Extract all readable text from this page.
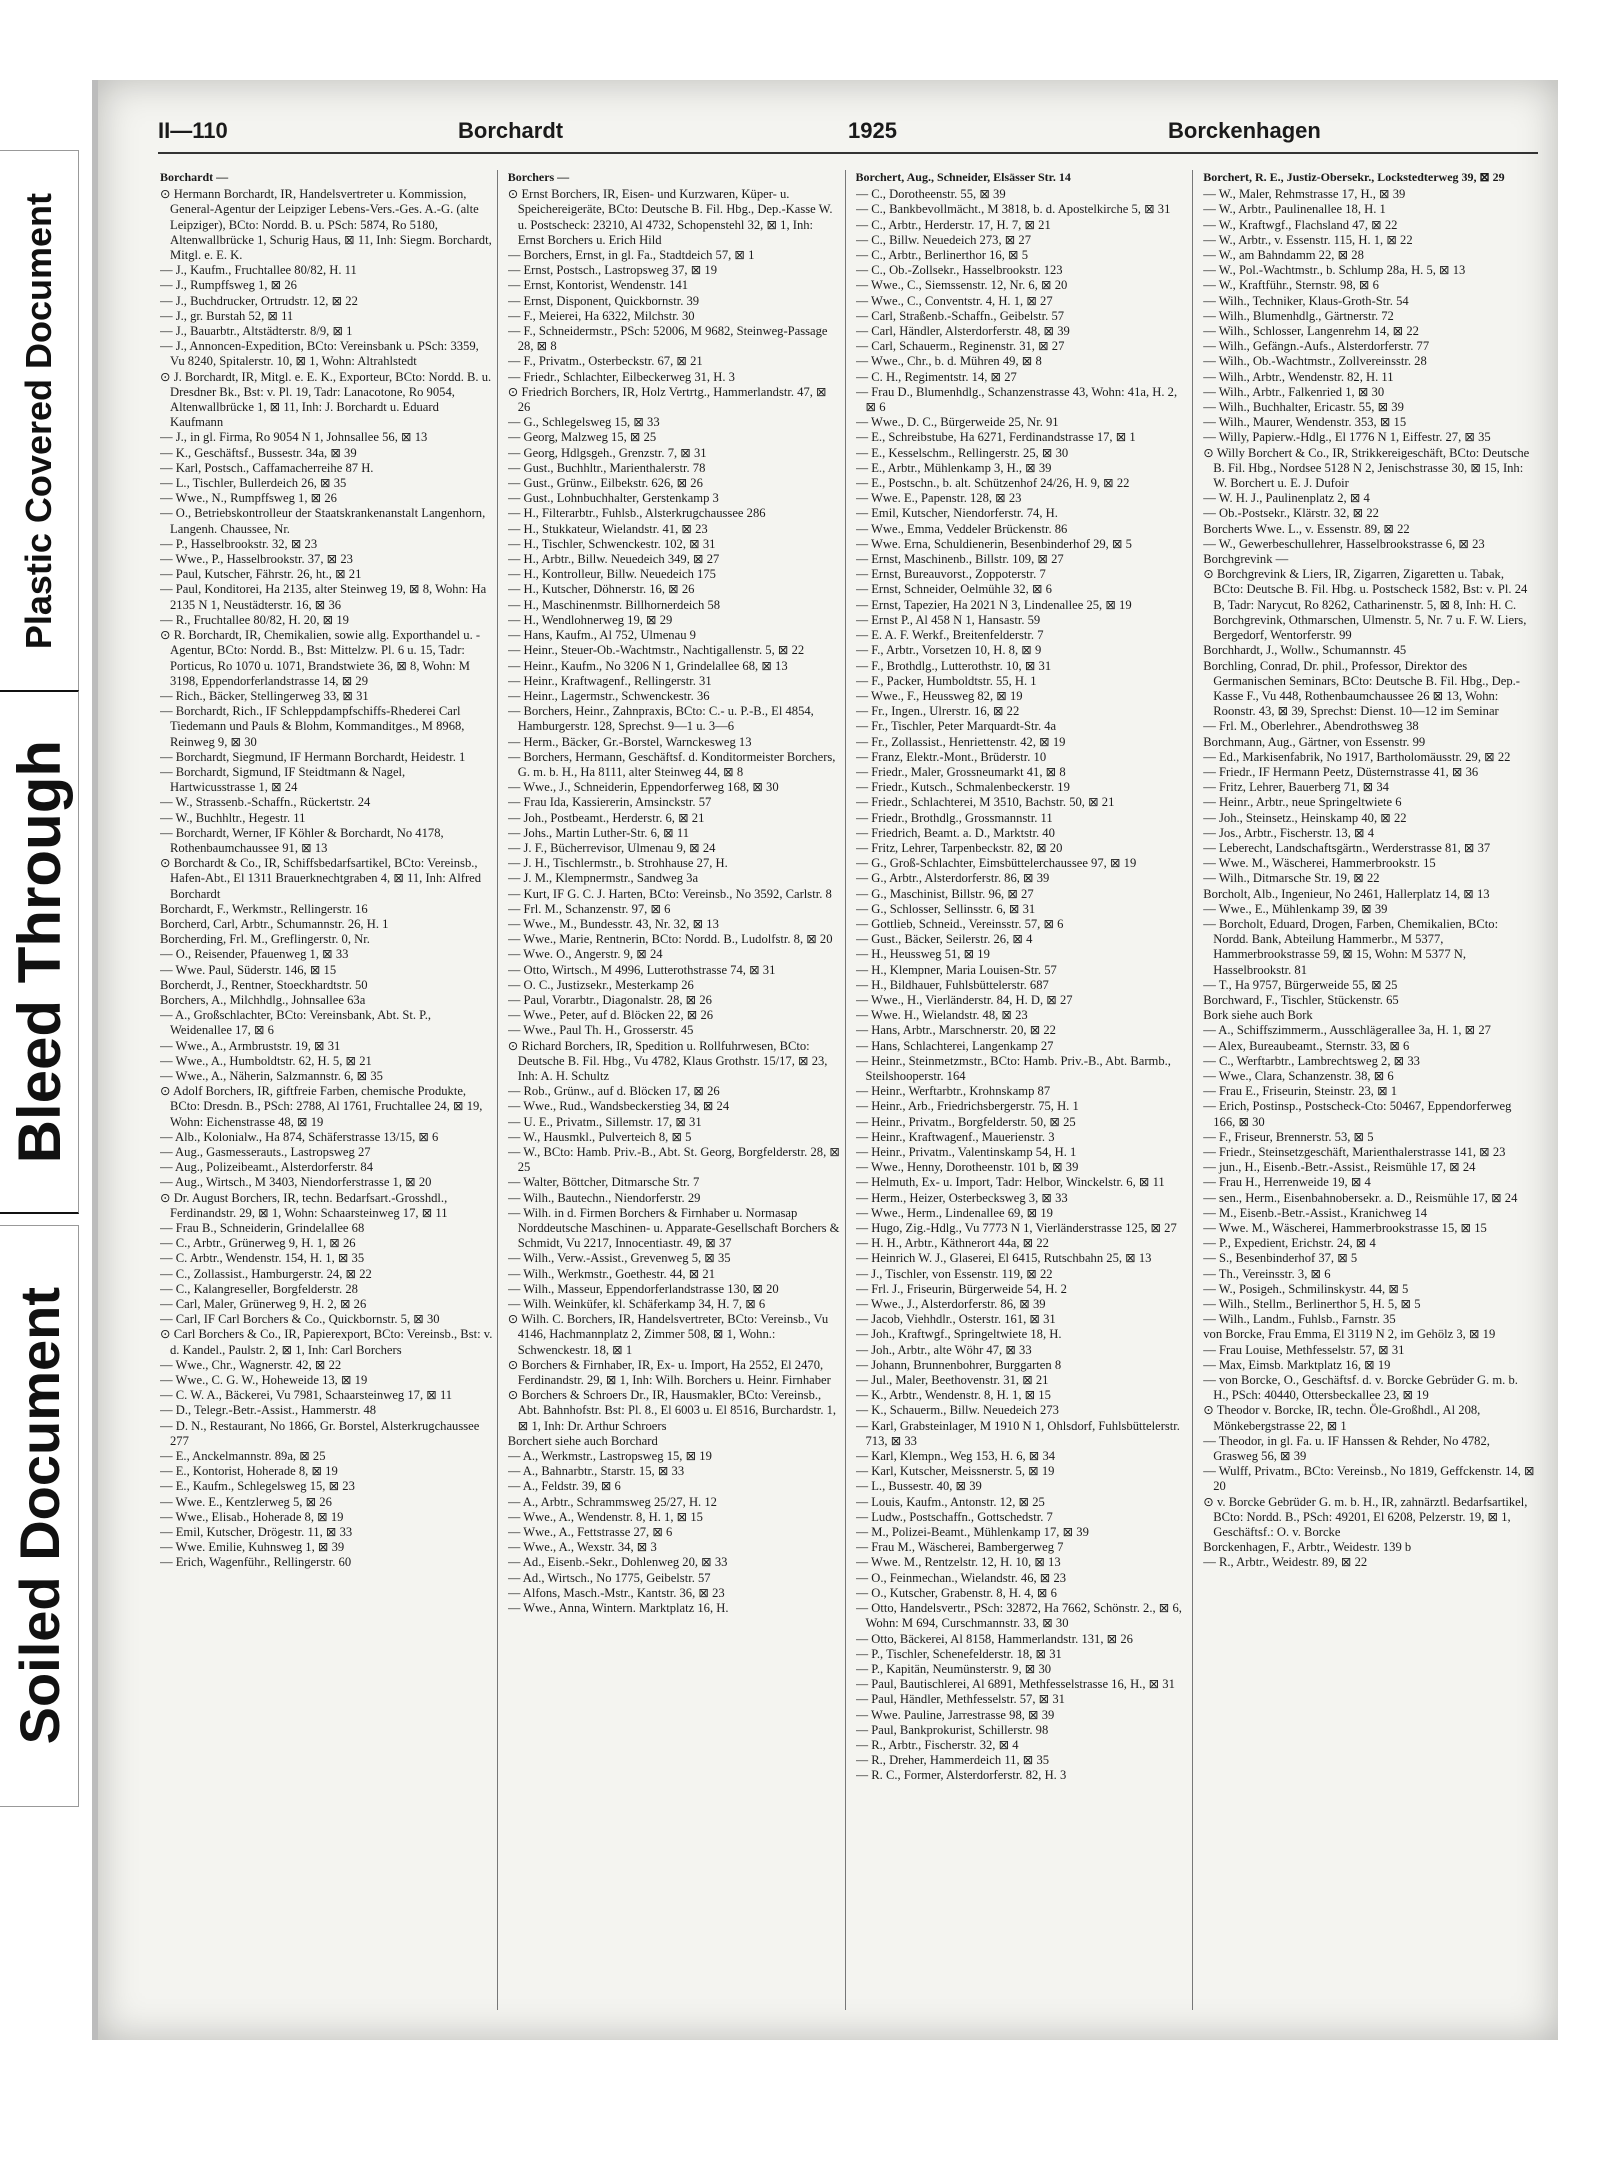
Plastic Covered Document
Bleed Through
Soiled Document
II—110	Borchardt	1925	Borckenhagen
Borchardt —
⊙ Hermann Borchardt, IR, Handelsvertreter u. Kommission, General-Agentur der Leipziger Lebens-Vers.-Ges. A.-G. (alte Leipziger), BCto: Nordd. B. u. PSch: 5874, Ro 5180, Altenwallbrücke 1, Schurig Haus, ⊠ 11, Inh: Siegm. Borchardt, Mitgl. e. E. K.
— J., Kaufm., Fruchtallee 80/82, H. 11
— J., Rumpffsweg 1, ⊠ 26
— J., Buchdrucker, Ortrudstr. 12, ⊠ 22
— J., gr. Burstah 52, ⊠ 11
— J., Bauarbtr., Altstädterstr. 8/9, ⊠ 1
— J., Annoncen-Expedition, BCto: Vereinsbank u. PSch: 3359, Vu 8240, Spitalerstr. 10, ⊠ 1, Wohn: Altrahlstedt
⊙ J. Borchardt, IR, Mitgl. e. E. K., Exporteur, BCto: Nordd. B. u. Dresdner Bk., Bst: v. Pl. 19, Tadr: Lanacotone, Ro 9054, Altenwallbrücke 1, ⊠ 11, Inh: J. Borchardt u. Eduard Kaufmann
— J., in gl. Firma, Ro 9054 N 1, Johnsallee 56, ⊠ 13
— K., Geschäftsf., Bussestr. 34a, ⊠ 39
— Karl, Postsch., Caffamacherreihe 87 H.
— L., Tischler, Bullerdeich 26, ⊠ 35
— Wwe., N., Rumpffsweg 1, ⊠ 26
— O., Betriebskontrolleur der Staatskrankenanstalt Langenhorn, Langenh. Chaussee, Nr.
— P., Hasselbrookstr. 32, ⊠ 23
— Wwe., P., Hasselbrookstr. 37, ⊠ 23
— Paul, Kutscher, Fährstr. 26, ht., ⊠ 21
— Paul, Konditorei, Ha 2135, alter Steinweg 19, ⊠ 8, Wohn: Ha 2135 N 1, Neustädterstr. 16, ⊠ 36
— R., Fruchtallee 80/82, H. 20, ⊠ 19
⊙ R. Borchardt, IR, Chemikalien, sowie allg. Exporthandel u. -Agentur, BCto: Nordd. B., Bst: Mittelzw. Pl. 6 u. 15, Tadr: Porticus, Ro 1070 u. 1071, Brandstwiete 36, ⊠ 8, Wohn: M 3198, Eppendorferlandstrasse 14, ⊠ 29
— Rich., Bäcker, Stellingerweg 33, ⊠ 31
— Borchardt, Rich., IF Schleppdampfschiffs-Rhederei Carl Tiedemann und Pauls & Blohm, Kommanditges., M 8968, Reinweg 9, ⊠ 30
— Borchardt, Siegmund, IF Hermann Borchardt, Heidestr. 1
— Borchardt, Sigmund, IF Steidtmann & Nagel, Hartwicusstrasse 1, ⊠ 24
— W., Strassenb.-Schaffn., Rückertstr. 24
— W., Buchhltr., Hegestr. 11
— Borchardt, Werner, IF Köhler & Borchardt, No 4178, Rothenbaumchaussee 91, ⊠ 13
⊙ Borchardt & Co., IR, Schiffsbedarfsartikel, BCto: Vereinsb., Hafen-Abt., El 1311 Brauerknechtgraben 4, ⊠ 11, Inh: Alfred Borchardt
Borchardt, F., Werkmstr., Rellingerstr. 16
Borcherd, Carl, Arbtr., Schumannstr. 26, H. 1
Borcherding, Frl. M., Greflingerstr. 0, Nr.
— O., Reisender, Pfauenweg 1, ⊠ 33
— Wwe. Paul, Süderstr. 146, ⊠ 15
Borcherdt, J., Rentner, Stoeckhardtstr. 50
Borchers, A., Milchhdlg., Johnsallee 63a
— A., Großschlachter, BCto: Vereinsbank, Abt. St. P., Weidenallee 17, ⊠ 6
— Wwe., A., Armbruststr. 19, ⊠ 31
— Wwe., A., Humboldtstr. 62, H. 5, ⊠ 21
— Wwe., A., Näherin, Salzmannstr. 6, ⊠ 35
⊙ Adolf Borchers, IR, giftfreie Farben, chemische Produkte, BCto: Dresdn. B., PSch: 2788, Al 1761, Fruchtallee 24, ⊠ 19, Wohn: Eichenstrasse 48, ⊠ 19
— Alb., Kolonialw., Ha 874, Schäferstrasse 13/15, ⊠ 6
— Aug., Gasmesserauts., Lastropsweg 27
— Aug., Polizeibeamt., Alsterdorferstr. 84
— Aug., Wirtsch., M 3403, Niendorferstrasse 1, ⊠ 20
⊙ Dr. August Borchers, IR, techn. Bedarfsart.-Grosshdl., Ferdinandstr. 29, ⊠ 1, Wohn: Schaarsteinweg 17, ⊠ 11
— Frau B., Schneiderin, Grindelallee 68
— C., Arbtr., Grünerweg 9, H. 1, ⊠ 26
— C. Arbtr., Wendenstr. 154, H. 1, ⊠ 35
— C., Zollassist., Hamburgerstr. 24, ⊠ 22
— C., Kalangreseller, Borgfelderstr. 28
— Carl, Maler, Grünerweg 9, H. 2, ⊠ 26
— Carl, IF Carl Borchers & Co., Quickbornstr. 5, ⊠ 30
⊙ Carl Borchers & Co., IR, Papierexport, BCto: Vereinsb., Bst: v. d. Kandel., Paulstr. 2, ⊠ 1, Inh: Carl Borchers
— Wwe., Chr., Wagnerstr. 42, ⊠ 22
— Wwe., C. G. W., Hoheweide 13, ⊠ 19
— C. W. A., Bäckerei, Vu 7981, Schaarsteinweg 17, ⊠ 11
— D., Telegr.-Betr.-Assist., Hammerstr. 48
— D. N., Restaurant, No 1866, Gr. Borstel, Alsterkrugchaussee 277
— E., Anckelmannstr. 89a, ⊠ 25
— E., Kontorist, Hoherade 8, ⊠ 19
— E., Kaufm., Schlegelsweg 15, ⊠ 23
— Wwe. E., Kentzlerweg 5, ⊠ 26
— Wwe., Elisab., Hoherade 8, ⊠ 19
— Emil, Kutscher, Drögestr. 11, ⊠ 33
— Wwe. Emilie, Kuhnsweg 1, ⊠ 39
— Erich, Wagenführ., Rellingerstr. 60
Borchers —
⊙ Ernst Borchers, IR, Eisen- und Kurzwaren, Küper- u. Speichereigeräte, BCto: Deutsche B. Fil. Hbg., Dep.-Kasse W. u. Postscheck: 23210, Al 4732, Schopenstehl 32, ⊠ 1, Inh: Ernst Borchers u. Erich Hild
— Borchers, Ernst, in gl. Fa., Stadtdeich 57, ⊠ 1
— Ernst, Postsch., Lastropsweg 37, ⊠ 19
— Ernst, Kontorist, Wendenstr. 141
— Ernst, Disponent, Quickbornstr. 39
— F., Meierei, Ha 6322, Milchstr. 30
— F., Schneidermstr., PSch: 52006, M 9682, Steinweg-Passage 28, ⊠ 8
— F., Privatm., Osterbeckstr. 67, ⊠ 21
— Friedr., Schlachter, Eilbeckerweg 31, H. 3
⊙ Friedrich Borchers, IR, Holz Vertrtg., Hammerlandstr. 47, ⊠ 26
— G., Schlegelsweg 15, ⊠ 33
— Georg, Malzweg 15, ⊠ 25
— Georg, Hdlgsgeh., Grenzstr. 7, ⊠ 31
— Gust., Buchhltr., Marienthalerstr. 78
— Gust., Grünw., Eilbekstr. 626, ⊠ 26
— Gust., Lohnbuchhalter, Gerstenkamp 3
— H., Filterarbtr., Fuhlsb., Alsterkrugchaussee 286
— H., Stukkateur, Wielandstr. 41, ⊠ 23
— H., Tischler, Schwenckestr. 102, ⊠ 31
— H., Arbtr., Billw. Neuedeich 349, ⊠ 27
— H., Kontrolleur, Billw. Neuedeich 175
— H., Kutscher, Döhnerstr. 16, ⊠ 26
— H., Maschinenmstr. Billhornerdeich 58
— H., Wendlohnerweg 19, ⊠ 29
— Hans, Kaufm., Al 752, Ulmenau 9
— Heinr., Steuer-Ob.-Wachtmstr., Nachtigallenstr. 5, ⊠ 22
— Heinr., Kaufm., No 3206 N 1, Grindelallee 68, ⊠ 13
— Heinr., Kraftwagenf., Rellingerstr. 31
— Heinr., Lagermstr., Schwenckestr. 36
— Borchers, Heinr., Zahnpraxis, BCto: C.- u. P.-B., El 4854, Hamburgerstr. 128, Sprechst. 9—1 u. 3—6
— Herm., Bäcker, Gr.-Borstel, Warnckesweg 13
— Borchers, Hermann, Geschäftsf. d. Konditormeister Borchers, G. m. b. H., Ha 8111, alter Steinweg 44, ⊠ 8
— Wwe., J., Schneiderin, Eppendorferweg 168, ⊠ 30
— Frau Ida, Kassiererin, Amsinckstr. 57
— Joh., Postbeamt., Herderstr. 6, ⊠ 21
— Johs., Martin Luther-Str. 6, ⊠ 11
— J. F., Bücherrevisor, Ulmenau 9, ⊠ 24
— J. H., Tischlermstr., b. Strohhause 27, H.
— J. M., Klempnermstr., Sandweg 3a
— Kurt, IF G. C. J. Harten, BCto: Vereinsb., No 3592, Carlstr. 8
— Frl. M., Schanzenstr. 97, ⊠ 6
— Wwe., M., Bundesstr. 43, Nr. 32, ⊠ 13
— Wwe., Marie, Rentnerin, BCto: Nordd. B., Ludolfstr. 8, ⊠ 20
— Wwe. O., Angerstr. 9, ⊠ 24
— Otto, Wirtsch., M 4996, Lutterothstrasse 74, ⊠ 31
— O. C., Justizsekr., Mesterkamp 26
— Paul, Vorarbtr., Diagonalstr. 28, ⊠ 26
— Wwe., Peter, auf d. Blöcken 22, ⊠ 26
— Wwe., Paul Th. H., Grosserstr. 45
⊙ Richard Borchers, IR, Spedition u. Rollfuhrwesen, BCto: Deutsche B. Fil. Hbg., Vu 4782, Klaus Grothstr. 15/17, ⊠ 23, Inh: A. H. Schultz
— Rob., Grünw., auf d. Blöcken 17, ⊠ 26
— Wwe., Rud., Wandsbeckerstieg 34, ⊠ 24
— U. E., Privatm., Sillemstr. 17, ⊠ 31
— W., Hausmkl., Pulverteich 8, ⊠ 5
— W., BCto: Hamb. Priv.-B., Abt. St. Georg, Borgfelderstr. 28, ⊠ 25
— Walter, Böttcher, Ditmarsche Str. 7
— Wilh., Bautechn., Niendorferstr. 29
— Wilh. in d. Firmen Borchers & Firnhaber u. Normasap Norddeutsche Maschinen- u. Apparate-Gesellschaft Borchers & Schmidt, Vu 2217, Innocentiastr. 49, ⊠ 37
— Wilh., Verw.-Assist., Grevenweg 5, ⊠ 35
— Wilh., Werkmstr., Goethestr. 44, ⊠ 21
— Wilh., Masseur, Eppendorferlandstrasse 130, ⊠ 20
— Wilh. Weinküfer, kl. Schäferkamp 34, H. 7, ⊠ 6
⊙ Wilh. C. Borchers, IR, Handelsvertreter, BCto: Vereinsb., Vu 4146, Hachmannplatz 2, Zimmer 508, ⊠ 1, Wohn.: Schwenckestr. 18, ⊠ 1
⊙ Borchers & Firnhaber, IR, Ex- u. Import, Ha 2552, El 2470, Ferdinandstr. 29, ⊠ 1, Inh: Wilh. Borchers u. Heinr. Firnhaber
⊙ Borchers & Schroers Dr., IR, Hausmakler, BCto: Vereinsb., Abt. Bahnhofstr. Bst: Pl. 8., El 6003 u. El 8516, Burchardstr. 1, ⊠ 1, Inh: Dr. Arthur Schroers
Borchert siehe auch Borchard
— A., Werkmstr., Lastropsweg 15, ⊠ 19
— A., Bahnarbtr., Starstr. 15, ⊠ 33
— A., Feldstr. 39, ⊠ 6
— A., Arbtr., Schrammsweg 25/27, H. 12
— Wwe., A., Wendenstr. 8, H. 1, ⊠ 15
— Wwe., A., Fettstrasse 27, ⊠ 6
— Wwe., A., Wexstr. 34, ⊠ 3
— Ad., Eisenb.-Sekr., Dohlenweg 20, ⊠ 33
— Ad., Wirtsch., No 1775, Geibelstr. 57
— Alfons, Masch.-Mstr., Kantstr. 36, ⊠ 23
— Wwe., Anna, Wintern. Marktplatz 16, H.
Borchert, Aug., Schneider, Elsässer Str. 14
— C., Dorotheenstr. 55, ⊠ 39
— C., Bankbevollmächt., M 3818, b. d. Apostelkirche 5, ⊠ 31
— C., Arbtr., Herderstr. 17, H. 7, ⊠ 21
— C., Billw. Neuedeich 273, ⊠ 27
— C., Arbtr., Berlinerthor 16, ⊠ 5
— C., Ob.-Zollsekr., Hasselbrookstr. 123
— Wwe., C., Siemssenstr. 12, Nr. 6, ⊠ 20
— Wwe., C., Conventstr. 4, H. 1, ⊠ 27
— Carl, Straßenb.-Schaffn., Geibelstr. 57
— Carl, Händler, Alsterdorferstr. 48, ⊠ 39
— Carl, Schauerm., Reginenstr. 31, ⊠ 27
— Wwe., Chr., b. d. Mühren 49, ⊠ 8
— C. H., Regimentstr. 14, ⊠ 27
— Frau D., Blumenhdlg., Schanzenstrasse 43, Wohn: 41a, H. 2, ⊠ 6
— Wwe., D. C., Bürgerweide 25, Nr. 91
— E., Schreibstube, Ha 6271, Ferdinandstrasse 17, ⊠ 1
— E., Kesselschm., Rellingerstr. 25, ⊠ 30
— E., Arbtr., Mühlenkamp 3, H., ⊠ 39
— E., Postschn., b. alt. Schützenhof 24/26, H. 9, ⊠ 22
— Wwe. E., Papenstr. 128, ⊠ 23
— Emil, Kutscher, Niendorferstr. 74, H.
— Wwe., Emma, Veddeler Brückenstr. 86
— Wwe. Erna, Schuldienerin, Besenbinderhof 29, ⊠ 5
— Ernst, Maschinenb., Billstr. 109, ⊠ 27
— Ernst, Bureauvorst., Zoppoterstr. 7
— Ernst, Schneider, Oelmühle 32, ⊠ 6
— Ernst, Tapezier, Ha 2021 N 3, Lindenallee 25, ⊠ 19
— Ernst P., Al 458 N 1, Hansastr. 59
— E. A. F. Werkf., Breitenfelderstr. 7
— F., Arbtr., Vorsetzen 10, H. 8, ⊠ 9
— F., Brothdlg., Lutterothstr. 10, ⊠ 31
— F., Packer, Humboldtstr. 55, H. 1
— Wwe., F., Heussweg 82, ⊠ 19
— Fr., Ingen., Ulrerstr. 16, ⊠ 22
— Fr., Tischler, Peter Marquardt-Str. 4a
— Fr., Zollassist., Henriettenstr. 42, ⊠ 19
— Franz, Elektr.-Mont., Brüderstr. 10
— Friedr., Maler, Grossneumarkt 41, ⊠ 8
— Friedr., Kutsch., Schmalenbeckerstr. 19
— Friedr., Schlachterei, M 3510, Bachstr. 50, ⊠ 21
— Friedr., Brothdlg., Grossmannstr. 11
— Friedrich, Beamt. a. D., Marktstr. 40
— Fritz, Lehrer, Tarpenbeckstr. 82, ⊠ 20
— G., Groß-Schlachter, Eimsbüttelerchaussee 97, ⊠ 19
— G., Arbtr., Alsterdorferstr. 86, ⊠ 39
— G., Maschinist, Billstr. 96, ⊠ 27
— G., Schlosser, Sellinsstr. 6, ⊠ 31
— Gottlieb, Schneid., Vereinsstr. 57, ⊠ 6
— Gust., Bäcker, Seilerstr. 26, ⊠ 4
— H., Heussweg 51, ⊠ 19
— H., Klempner, Maria Louisen-Str. 57
— H., Bildhauer, Fuhlsbüttelerstr. 687
— Wwe., H., Vierländerstr. 84, H. D, ⊠ 27
— Wwe. H., Wielandstr. 48, ⊠ 23
— Hans, Arbtr., Marschnerstr. 20, ⊠ 22
— Hans, Schlachterei, Langenkamp 27
— Heinr., Steinmetzmstr., BCto: Hamb. Priv.-B., Abt. Barmb., Steilshooperstr. 164
— Heinr., Werftarbtr., Krohnskamp 87
— Heinr., Arb., Friedrichsbergerstr. 75, H. 1
— Heinr., Privatm., Borgfelderstr. 50, ⊠ 25
— Heinr., Kraftwagenf., Mauerienstr. 3
— Heinr., Privatm., Valentinskamp 54, H. 1
— Wwe., Henny, Dorotheenstr. 101 b, ⊠ 39
— Helmuth, Ex- u. Import, Tadr: Helbor, Winckelstr. 6, ⊠ 11
— Herm., Heizer, Osterbecksweg 3, ⊠ 33
— Wwe., Herm., Lindenallee 69, ⊠ 19
— Hugo, Zig.-Hdlg., Vu 7773 N 1, Vierländerstrasse 125, ⊠ 27
— H. H., Arbtr., Käthnerort 44a, ⊠ 22
— Heinrich W. J., Glaserei, El 6415, Rutschbahn 25, ⊠ 13
— J., Tischler, von Essenstr. 119, ⊠ 22
— Frl. J., Friseurin, Bürgerweide 54, H. 2
— Wwe., J., Alsterdorferstr. 86, ⊠ 39
— Jacob, Viehhdlr., Osterstr. 161, ⊠ 31
— Joh., Kraftwgf., Springeltwiete 18, H.
— Joh., Arbtr., alte Wöhr 47, ⊠ 33
— Johann, Brunnenbohrer, Burggarten 8
— Jul., Maler, Beethovenstr. 31, ⊠ 21
— K., Arbtr., Wendenstr. 8, H. 1, ⊠ 15
— K., Schauerm., Billw. Neuedeich 273
— Karl, Grabsteinlager, M 1910 N 1, Ohlsdorf, Fuhlsbüttelerstr. 713, ⊠ 33
— Karl, Klempn., Weg 153, H. 6, ⊠ 34
— Karl, Kutscher, Meissnerstr. 5, ⊠ 19
— L., Bussestr. 40, ⊠ 39
— Louis, Kaufm., Antonstr. 12, ⊠ 25
— Ludw., Postschaffn., Gottschedstr. 7
— M., Polizei-Beamt., Mühlenkamp 17, ⊠ 39
— Frau M., Wäscherei, Bambergerweg 7
— Wwe. M., Rentzelstr. 12, H. 10, ⊠ 13
— O., Feinmechan., Wielandstr. 46, ⊠ 23
— O., Kutscher, Grabenstr. 8, H. 4, ⊠ 6
— Otto, Handelsvertr., PSch: 32872, Ha 7662, Schönstr. 2., ⊠ 6, Wohn: M 694, Curschmannstr. 33, ⊠ 30
— Otto, Bäckerei, Al 8158, Hammerlandstr. 131, ⊠ 26
— P., Tischler, Schenefelderstr. 18, ⊠ 31
— P., Kapitän, Neumünsterstr. 9, ⊠ 30
— Paul, Bautischlerei, Al 6891, Methfesselstrasse 16, H., ⊠ 31
— Paul, Händler, Methfesselstr. 57, ⊠ 31
— Wwe. Pauline, Jarrestrasse 98, ⊠ 39
— Paul, Bankprokurist, Schillerstr. 98
— R., Arbtr., Fischerstr. 32, ⊠ 4
— R., Dreher, Hammerdeich 11, ⊠ 35
— R. C., Former, Alsterdorferstr. 82, H. 3
Borchert, R. E., Justiz-Obersekr., Lockstedterweg 39, ⊠ 29
— W., Maler, Rehmstrasse 17, H., ⊠ 39
— W., Arbtr., Paulinenallee 18, H. 1
— W., Kraftwgf., Flachsland 47, ⊠ 22
— W., Arbtr., v. Essenstr. 115, H. 1, ⊠ 22
— W., am Bahndamm 22, ⊠ 28
— W., Pol.-Wachtmstr., b. Schlump 28a, H. 5, ⊠ 13
— W., Kraftführ., Sternstr. 98, ⊠ 6
— Wilh., Techniker, Klaus-Groth-Str. 54
— Wilh., Blumenhdlg., Gärtnerstr. 72
— Wilh., Schlosser, Langenrehm 14, ⊠ 22
— Wilh., Gefängn.-Aufs., Alsterdorferstr. 77
— Wilh., Ob.-Wachtmstr., Zollvereinsstr. 28
— Wilh., Arbtr., Wendenstr. 82, H. 11
— Wilh., Arbtr., Falkenried 1, ⊠ 30
— Wilh., Buchhalter, Ericastr. 55, ⊠ 39
— Wilh., Maurer, Wendenstr. 353, ⊠ 15
— Willy, Papierw.-Hdlg., El 1776 N 1, Eiffestr. 27, ⊠ 35
⊙ Willy Borchert & Co., IR, Strikkereigeschäft, BCto: Deutsche B. Fil. Hbg., Nordsee 5128 N 2, Jenischstrasse 30, ⊠ 15, Inh: W. Borchert u. E. J. Dufoir
— W. H. J., Paulinenplatz 2, ⊠ 4
— Ob.-Postsekr., Klärstr. 32, ⊠ 22
Borcherts Wwe. L., v. Essenstr. 89, ⊠ 22
— W., Gewerbeschullehrer, Hasselbrookstrasse 6, ⊠ 23
Borchgrevink —
⊙ Borchgrevink & Liers, IR, Zigarren, Zigaretten u. Tabak, BCto: Deutsche B. Fil. Hbg. u. Postscheck 1582, Bst: v. Pl. 24 B, Tadr: Narycut, Ro 8262, Catharinenstr. 5, ⊠ 8, Inh: H. C. Borchgrevink, Othmarschen, Ulmenstr. 5, Nr. 7 u. F. W. Liers, Bergedorf, Wentorferstr. 99
Borchhardt, J., Wollw., Schumannstr. 45
Borchling, Conrad, Dr. phil., Professor, Direktor des Germanischen Seminars, BCto: Deutsche B. Fil. Hbg., Dep.-Kasse F., Vu 448, Rothenbaumchaussee 26 ⊠ 13, Wohn: Roonstr. 43, ⊠ 39, Sprechst: Dienst. 10—12 im Seminar
— Frl. M., Oberlehrer., Abendrothsweg 38
Borchmann, Aug., Gärtner, von Essenstr. 99
— Ed., Markisenfabrik, No 1917, Bartholomäusstr. 29, ⊠ 22
— Friedr., IF Hermann Peetz, Düsternstrasse 41, ⊠ 36
— Fritz, Lehrer, Bauerberg 71, ⊠ 34
— Heinr., Arbtr., neue Springeltwiete 6
— Joh., Steinsetz., Heinskamp 40, ⊠ 22
— Jos., Arbtr., Fischerstr. 13, ⊠ 4
— Leberecht, Landschaftsgärtn., Werderstrasse 81, ⊠ 37
— Wwe. M., Wäscherei, Hammerbrookstr. 15
— Wilh., Ditmarsche Str. 19, ⊠ 22
Borcholt, Alb., Ingenieur, No 2461, Hallerplatz 14, ⊠ 13
— Wwe., E., Mühlenkamp 39, ⊠ 39
— Borcholt, Eduard, Drogen, Farben, Chemikalien, BCto: Nordd. Bank, Abteilung Hammerbr., M 5377, Hammerbrookstrasse 59, ⊠ 15, Wohn: M 5377 N, Hasselbrookstr. 81
— T., Ha 9757, Bürgerweide 55, ⊠ 25
Borchward, F., Tischler, Stückenstr. 65
Bork siehe auch Bork
— A., Schiffszimmerm., Ausschlägerallee 3a, H. 1, ⊠ 27
— Alex, Bureaubeamt., Sternstr. 33, ⊠ 6
— C., Werftarbtr., Lambrechtsweg 2, ⊠ 33
— Wwe., Clara, Schanzenstr. 38, ⊠ 6
— Frau E., Friseurin, Steinstr. 23, ⊠ 1
— Erich, Postinsp., Postscheck-Cto: 50467, Eppendorferweg 166, ⊠ 30
— F., Friseur, Brennerstr. 53, ⊠ 5
— Friedr., Steinsetzgeschäft, Marienthalerstrasse 141, ⊠ 23
— jun., H., Eisenb.-Betr.-Assist., Reismühle 17, ⊠ 24
— Frau H., Herrenweide 19, ⊠ 4
— sen., Herm., Eisenbahnobersekr. a. D., Reismühle 17, ⊠ 24
— M., Eisenb.-Betr.-Assist., Kranichweg 14
— Wwe. M., Wäscherei, Hammerbrookstrasse 15, ⊠ 15
— P., Expedient, Erichstr. 24, ⊠ 4
— S., Besenbinderhof 37, ⊠ 5
— Th., Vereinsstr. 3, ⊠ 6
— W., Posigeh., Schmilinskystr. 44, ⊠ 5
— Wilh., Stellm., Berlinerthor 5, H. 5, ⊠ 5
— Wilh., Landm., Fuhlsb., Farnstr. 35
von Borcke, Frau Emma, El 3119 N 2, im Gehölz 3, ⊠ 19
— Frau Louise, Methfesselstr. 57, ⊠ 31
— Max, Eimsb. Marktplatz 16, ⊠ 19
— von Borcke, O., Geschäftsf. d. v. Borcke Gebrüder G. m. b. H., PSch: 40440, Ottersbeckallee 23, ⊠ 19
⊙ Theodor v. Borcke, IR, techn. Öle-Großhdl., Al 208, Mönkebergstrasse 22, ⊠ 1
— Theodor, in gl. Fa. u. IF Hanssen & Rehder, No 4782, Grasweg 56, ⊠ 39
— Wulff, Privatm., BCto: Vereinsb., No 1819, Geffckenstr. 14, ⊠ 20
⊙ v. Borcke Gebrüder G. m. b. H., IR, zahnärztl. Bedarfsartikel, BCto: Nordd. B., PSch: 49201, El 6208, Pelzerstr. 19, ⊠ 1, Geschäftsf.: O. v. Borcke
Borckenhagen, F., Arbtr., Weidestr. 139 b
— R., Arbtr., Weidestr. 89, ⊠ 22
